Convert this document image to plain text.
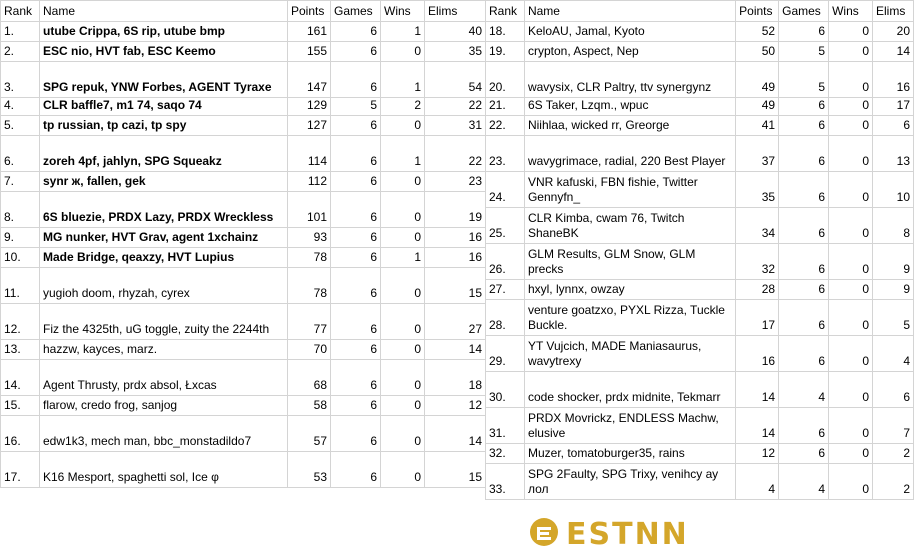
Rank	Name	Points	Games	Wins	Elims
1.	utube Crippa, 6S rip, utube bmp	161	6	1	40
2.	ESC nio, HVT fab, ESC Keemo	155	6	0	35
3.	SPG repuk, YNW Forbes, AGENT Tyraxe	147	6	1	54
4.	CLR baffle7, m1 74, saqo 74	129	5	2	22
5.	tp russian, tp cazi, tp spy	127	6	0	31
6.	zoreh 4pf, jahlyn, SPG Squeakz	114	6	1	22
7.	synr ж, fallen, gek	112	6	0	23
8.	6S bluezie, PRDX Lazy, PRDX Wreckless	101	6	0	19
9.	MG nunker, HVT Grav, agent 1xchainz	93	6	0	16
10.	Made Bridge, qeaxzy, HVT Lupius	78	6	1	16
11.	yugioh doom, rhyzah, cyrex	78	6	0	15
12.	Fiz the 4325th, uG toggle, zuity the 2244th	77	6	0	27
13.	hazzw, kayces, marz.	70	6	0	14
14.	Agent Thrusty, prdx absol, Łxcas	68	6	0	18
15.	flarow, credo frog, sanjog	58	6	0	12
16.	edw1k3, mech man, bbc_monstadildo7	57	6	0	14
17.	K16 Mesport, spaghetti sol, Ice φ	53	6	0	15
Rank	Name	Points	Games	Wins	Elims
18.	KeloAU, Jamal, Kyoto	52	6	0	20
19.	crypton, Aspect, Nep	50	5	0	14
20.	wavysix, CLR Paltry, ttv synergynz	49	5	0	16
21.	6S Taker, Lzqm., wpuc	49	6	0	17
22.	Niihlaa, wicked rr, Greorge	41	6	0	6
23.	wavygrimace, radial, 220 Best Player	37	6	0	13
24.	VNR kafuski, FBN fishie, Twitter Gennyfn_	35	6	0	10
25.	CLR Kimba, cwam 76, Twitch ShaneBK	34	6	0	8
26.	GLM Results, GLM Snow, GLM precks	32	6	0	9
27.	hxyl, lynnx, owzay	28	6	0	9
28.	venture goatzxo, PYXL Rizza, Tuckle Buckle.	17	6	0	5
29.	YT Vujcich, MADE Maniasaurus, wavytrexy	16	6	0	4
30.	code shocker, prdx midnite, Tekmarr	14	4	0	6
31.	PRDX Movrickz, ENDLESS Machw, elusive	14	6	0	7
32.	Muzer, tomatoburger35, rains	12	6	0	2
33.	SPG 2Faulty, SPG Trixy, venihcy ау лол	4	4	0	2
ESTNN
